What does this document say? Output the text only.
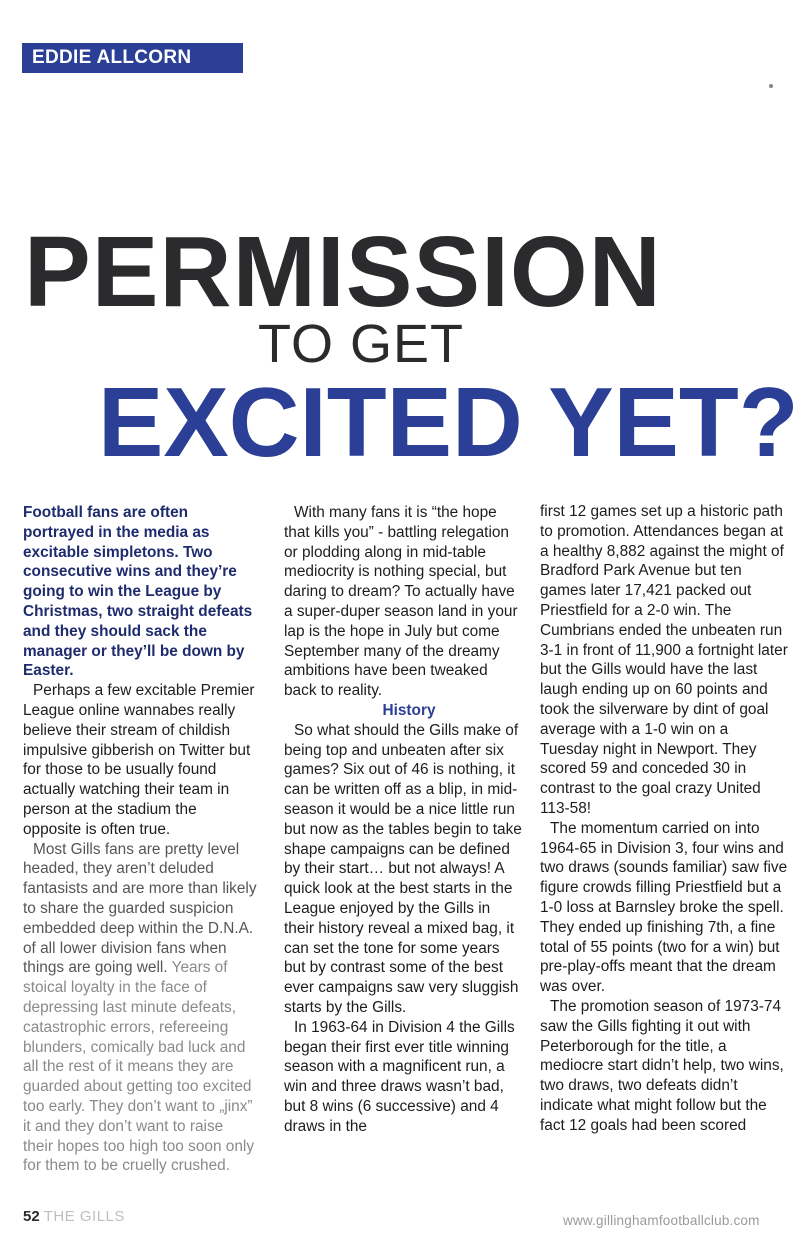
EDDIE ALLCORN
PERMISSION
TO GET
EXCITED YET?

Football fans are often portrayed in the media as excitable simpletons. Two consecutive wins and they’re going to win the League by Christmas, two straight defeats and they should sack the manager or they’ll be down by Easter.

Perhaps a few excitable Premier League online wannabes really believe their stream of childish impulsive gibberish on Twitter but for those to be usually found actually watching their team in person at the stadium the opposite is often true.

Most Gills fans are pretty level headed, they aren’t deluded fantasists and are more than likely to share the guarded suspicion embedded deep within the D.N.A. of all lower division fans when things are going well. Years of stoical loyalty in the face of depressing last minute defeats, catastrophic errors, refereeing blunders, comically bad luck and all the rest of it means they are guarded about getting too excited too early. They don’t want to „jinx” it and they don’t want to raise their hopes too high too soon only for them to be cruelly crushed.

With many fans it is “the hope that kills you” - battling relegation or plodding along in mid-table mediocrity is nothing special, but daring to dream? To actually have a super-duper season land in your lap is the hope in July but come September many of the dreamy ambitions have been tweaked back to reality.

History

So what should the Gills make of being top and unbeaten after six games? Six out of 46 is nothing, it can be written off as a blip, in mid-season it would be a nice little run but now as the tables begin to take shape campaigns can be defined by their start… but not always! A quick look at the best starts in the League enjoyed by the Gills in their history reveal a mixed bag, it can set the tone for some years but by contrast some of the best ever campaigns saw very sluggish starts by the Gills.

In 1963-64 in Division 4 the Gills began their first ever title winning season with a magnificent run, a win and three draws wasn’t bad, but 8 wins (6 successive) and 4 draws in the

first 12 games set up a historic path to promotion. Attendances began at a healthy 8,882 against the might of Bradford Park Avenue but ten games later 17,421 packed out Priestfield for a 2-0 win. The Cumbrians ended the unbeaten run 3-1 in front of 11,900 a fortnight later but the Gills would have the last laugh ending up on 60 points and took the silverware by dint of goal average with a 1-0 win on a Tuesday night in Newport. They scored 59 and conceded 30 in contrast to the goal crazy United 113-58!

The momentum carried on into 1964-65 in Division 3, four wins and two draws (sounds familiar) saw five figure crowds filling Priestfield but a 1-0 loss at Barnsley broke the spell. They ended up finishing 7th, a fine total of 55 points (two for a win) but pre-play-offs meant that the dream was over.

The promotion season of 1973-74 saw the Gills fighting it out with Peterborough for the title, a mediocre start didn’t help, two wins, two draws, two defeats didn’t indicate what might follow but the fact 12 goals had been scored

52 THE GILLS	www.gillinghamfootballclub.com
